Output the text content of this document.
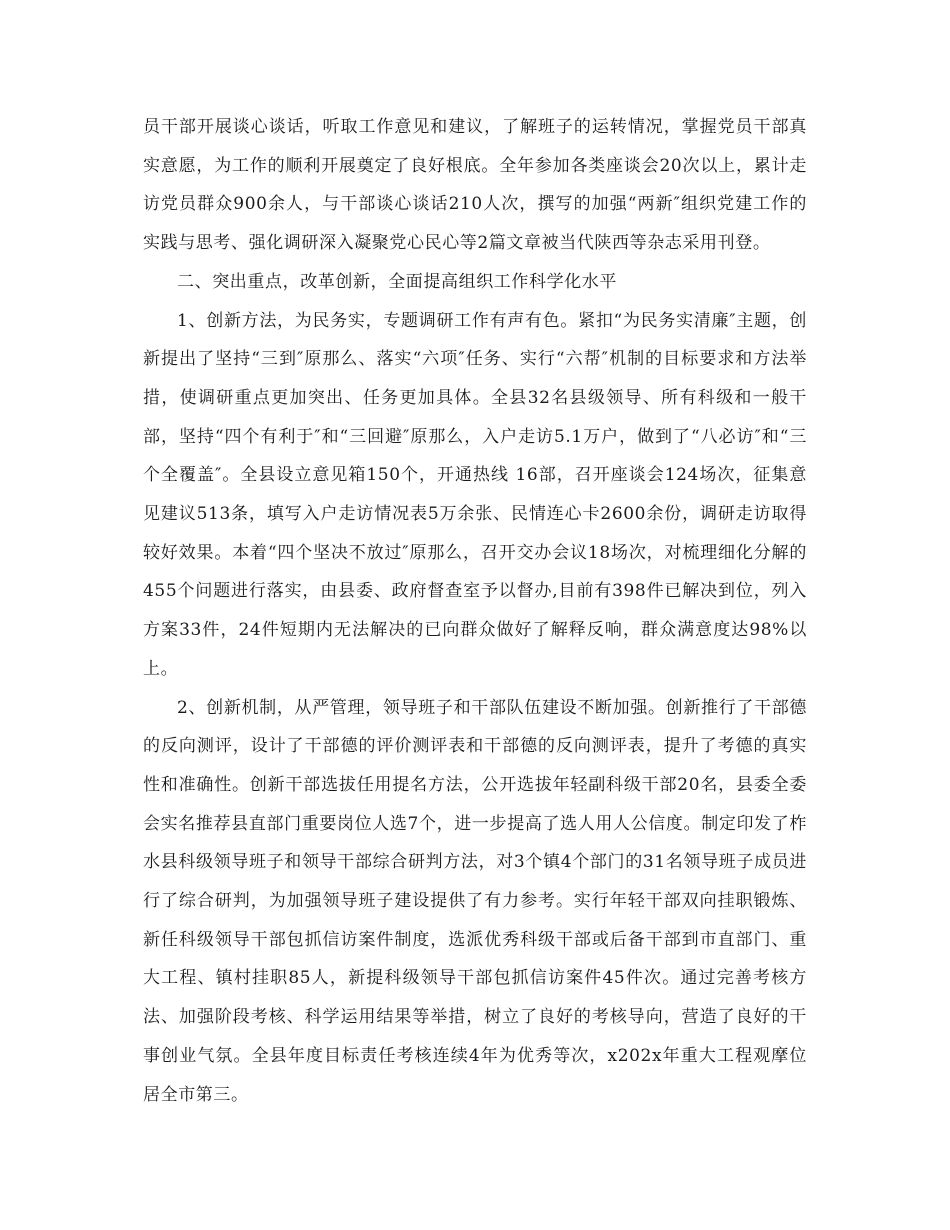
员干部开展谈心谈话，听取工作意见和建议，了解班子的运转情况，掌握党员干部真实意愿，为工作的顺利开展奠定了良好根底。全年参加各类座谈会20次以上，累计走访党员群众900余人，与干部谈心谈话210人次，撰写的加强“两新″组织党建工作的实践与思考、强化调研深入凝聚党心民心等2篇文章被当代陕西等杂志采用刊登。

二、突出重点，改革创新，全面提高组织工作科学化水平

1、创新方法，为民务实，专题调研工作有声有色。紧扣“为民务实清廉″主题，创新提出了坚持“三到″原那么、落实“六项″任务、实行“六帮″机制的目标要求和方法举措，使调研重点更加突出、任务更加具体。全县32名县级领导、所有科级和一般干部，坚持“四个有利于″和“三回避″原那么，入户走访5.1万户，做到了“八必访″和“三个全覆盖″。全县设立意见箱150个，开通热线 16部，召开座谈会124场次，征集意见建议513条，填写入户走访情况表5万余张、民情连心卡2600余份，调研走访取得较好效果。本着“四个坚决不放过″原那么，召开交办会议18场次，对梳理细化分解的455个问题进行落实，由县委、政府督查室予以督办,目前有398件已解决到位，列入方案33件，24件短期内无法解决的已向群众做好了解释反响，群众满意度达98%以上。

2、创新机制，从严管理，领导班子和干部队伍建设不断加强。创新推行了干部德的反向测评，设计了干部德的评价测评表和干部德的反向测评表，提升了考德的真实性和准确性。创新干部选拔任用提名方法，公开选拔年轻副科级干部20名，县委全委会实名推荐县直部门重要岗位人选7个，进一步提高了选人用人公信度。制定印发了柞水县科级领导班子和领导干部综合研判方法，对3个镇4个部门的31名领导班子成员进行了综合研判，为加强领导班子建设提供了有力参考。实行年轻干部双向挂职锻炼、新任科级领导干部包抓信访案件制度，选派优秀科级干部或后备干部到市直部门、重大工程、镇村挂职85人，新提科级领导干部包抓信访案件45件次。通过完善考核方法、加强阶段考核、科学运用结果等举措，树立了良好的考核导向，营造了良好的干事创业气氛。全县年度目标责任考核连续4年为优秀等次，x202x年重大工程观摩位居全市第三。
